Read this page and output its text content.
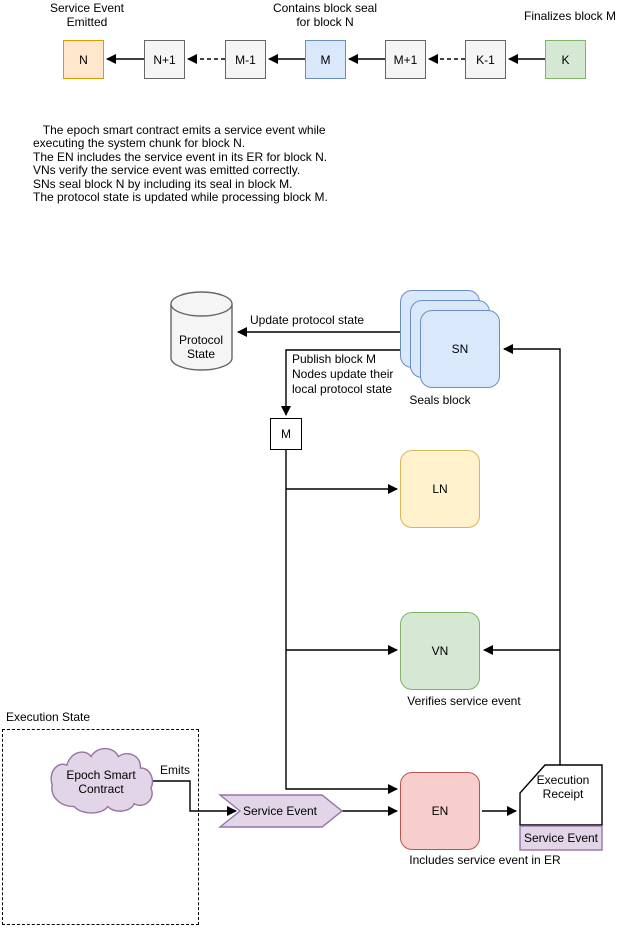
Service Event
Emitted
Contains block seal
for block N	Finalizes block M
N	N+1	M-1	M	M+1	K-1	K
The epoch smart contract emits a service event while
executing the system chunk for block N.
The EN includes the service event in its ER for block N.
VNs verify the service event was emitted correctly.
SNs seal block N by including its seal in block M.
The protocol state is updated while processing block M.
Protocol
State
Update protocol state
Publish block M
Nodes update their
local protocol state
SN
Seals block
M
LN
VN
Verifies service event
EN
Includes service event in ER
Execution State
Epoch Smart
Contract
Emits
Service Event
Execution
Receipt
Service Event
